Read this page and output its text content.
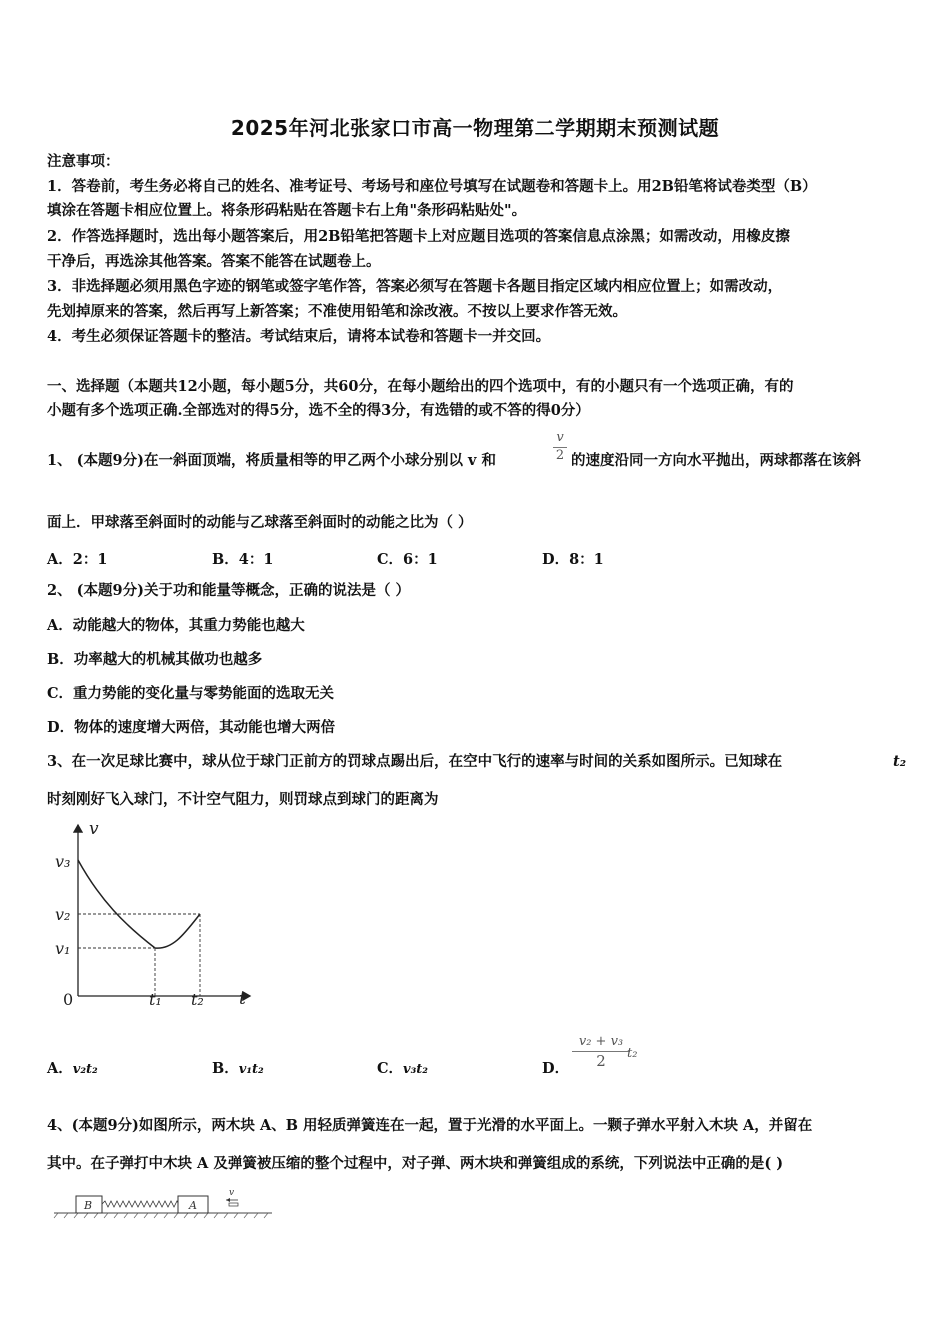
2025年河北张家口市高一物理第二学期期末预测试题
注意事项：
1．答卷前，考生务必将自己的姓名、准考证号、考场号和座位号填写在试题卷和答题卡上。用2B铅笔将试卷类型（B）
填涂在答题卡相应位置上。将条形码粘贴在答题卡右上角"条形码粘贴处"。
2．作答选择题时，选出每小题答案后，用2B铅笔把答题卡上对应题目选项的答案信息点涂黑；如需改动，用橡皮擦
干净后，再选涂其他答案。答案不能答在试题卷上。
3．非选择题必须用黑色字迹的钢笔或签字笔作答，答案必须写在答题卡各题目指定区域内相应位置上；如需改动，
先划掉原来的答案，然后再写上新答案；不准使用铅笔和涂改液。不按以上要求作答无效。
4．考生必须保证答题卡的整洁。考试结束后，请将本试卷和答题卡一并交回。
一、选择题（本题共12小题，每小题5分，共60分，在每小题给出的四个选项中，有的小题只有一个选项正确，有的
小题有多个选项正确.全部选对的得5分，选不全的得3分，有选错的或不答的得0分）
1、 (本题9分)在一斜面顶端，将质量相等的甲乙两个小球分别以 v 和	$\frac{v}{2}$ 的速度沿同一方向水平抛出，两球都落在该斜
面上．甲球落至斜面时的动能与乙球落至斜面时的动能之比为（ ）
A．2：1	B．4：1	C．6：1	D．8：1
2、 (本题9分)关于功和能量等概念，正确的说法是（ ）
A．动能越大的物体，其重力势能也越大
B．功率越大的机械其做功也越多
C．重力势能的变化量与零势能面的选取无关
D．物体的速度增大两倍，其动能也增大两倍
3、在一次足球比赛中，球从位于球门正前方的罚球点踢出后，在空中飞行的速率与时间的关系如图所示。已知球在	t₂
时刻刚好飞入球门，不计空气阻力，则罚球点到球门的距离为
v
t
0
v₃
v₂
v₁
t₁ t₂
A．v₂t₂	B．v₁t₂	C．v₃t₂	D． $\frac{\text{v₂ + v₃}}{2}$
t₂
4、(本题9分)如图所示，两木块 A、B 用轻质弹簧连在一起，置于光滑的水平面上。一颗子弹水平射入木块 A，并留在
其中。在子弹打中木块 A 及弹簧被压缩的整个过程中，对子弹、两木块和弹簧组成的系统，下列说法中正确的是( )
B	A
v
